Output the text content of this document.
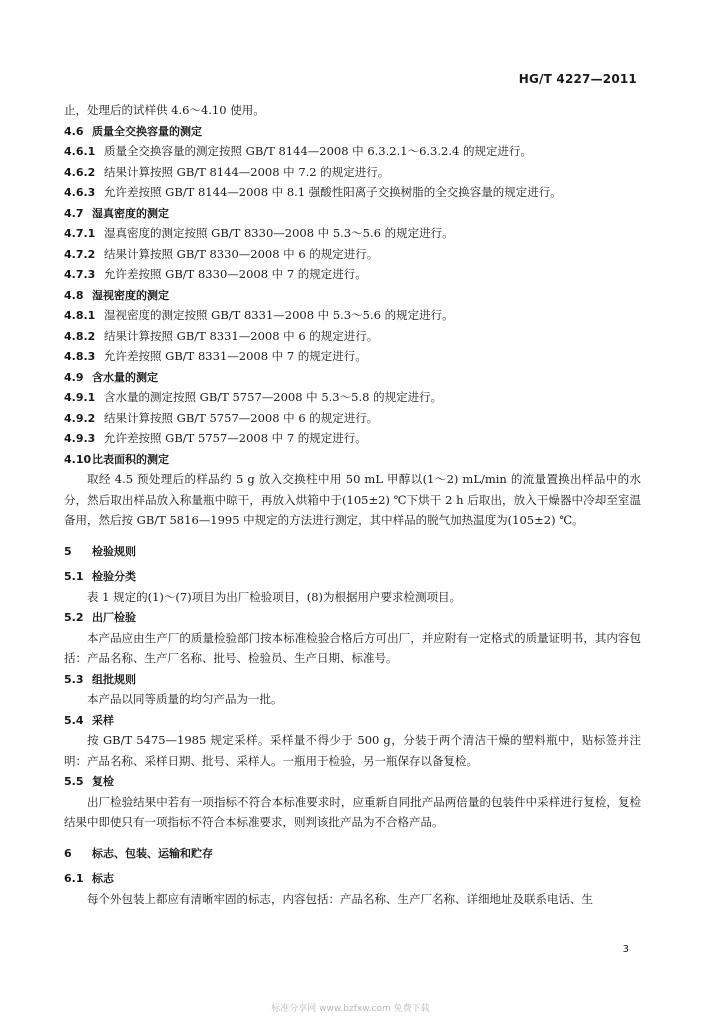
HG/T 4227—2011
止，处理后的试样供 4.6～4.10 使用。
4.6 质量全交换容量的测定
4.6.1 质量全交换容量的测定按照 GB/T 8144—2008 中 6.3.2.1～6.3.2.4 的规定进行。
4.6.2 结果计算按照 GB/T 8144—2008 中 7.2 的规定进行。
4.6.3 允许差按照 GB/T 8144—2008 中 8.1 强酸性阳离子交换树脂的全交换容量的规定进行。
4.7 湿真密度的测定
4.7.1 湿真密度的测定按照 GB/T 8330—2008 中 5.3～5.6 的规定进行。
4.7.2 结果计算按照 GB/T 8330—2008 中 6 的规定进行。
4.7.3 允许差按照 GB/T 8330—2008 中 7 的规定进行。
4.8 湿视密度的测定
4.8.1 湿视密度的测定按照 GB/T 8331—2008 中 5.3～5.6 的规定进行。
4.8.2 结果计算按照 GB/T 8331—2008 中 6 的规定进行。
4.8.3 允许差按照 GB/T 8331—2008 中 7 的规定进行。
4.9 含水量的测定
4.9.1 含水量的测定按照 GB/T 5757—2008 中 5.3～5.8 的规定进行。
4.9.2 结果计算按照 GB/T 5757—2008 中 6 的规定进行。
4.9.3 允许差按照 GB/T 5757—2008 中 7 的规定进行。
4.10比表面积的测定

取经 4.5 预处理后的样品约 5 g 放入交换柱中用 50 mL 甲醇以(1～2) mL/min 的流量置换出样品中的水分，然后取出样品放入称量瓶中晾干，再放入烘箱中于(105±2) ℃下烘干 2 h 后取出，放入干燥器中冷却至室温备用，然后按 GB/T 5816—1995 中规定的方法进行测定，其中样品的脱气加热温度为(105±2) ℃。

5 检验规则
5.1 检验分类

表 1 规定的(1)～(7)项目为出厂检验项目，(8)为根据用户要求检测项目。

5.2 出厂检验

本产品应由生产厂的质量检验部门按本标准检验合格后方可出厂，并应附有一定格式的质量证明书，其内容包括：产品名称、生产厂名称、批号、检验员、生产日期、标准号。

5.3 组批规则

本产品以同等质量的均匀产品为一批。

5.4 采样

按 GB/T 5475—1985 规定采样。采样量不得少于 500 g，分装于两个清洁干燥的塑料瓶中，贴标签并注明：产品名称、采样日期、批号、采样人。一瓶用于检验，另一瓶保存以备复检。

5.5 复检

出厂检验结果中若有一项指标不符合本标准要求时，应重新自同批产品两倍量的包装件中采样进行复检，复检结果中即使只有一项指标不符合本标准要求，则判该批产品为不合格产品。

6 标志、包装、运输和贮存
6.1 标志

每个外包装上都应有清晰牢固的标志，内容包括：产品名称、生产厂名称、详细地址及联系电话、生

3
标准分享网 www.bzfxw.com 免费下载
